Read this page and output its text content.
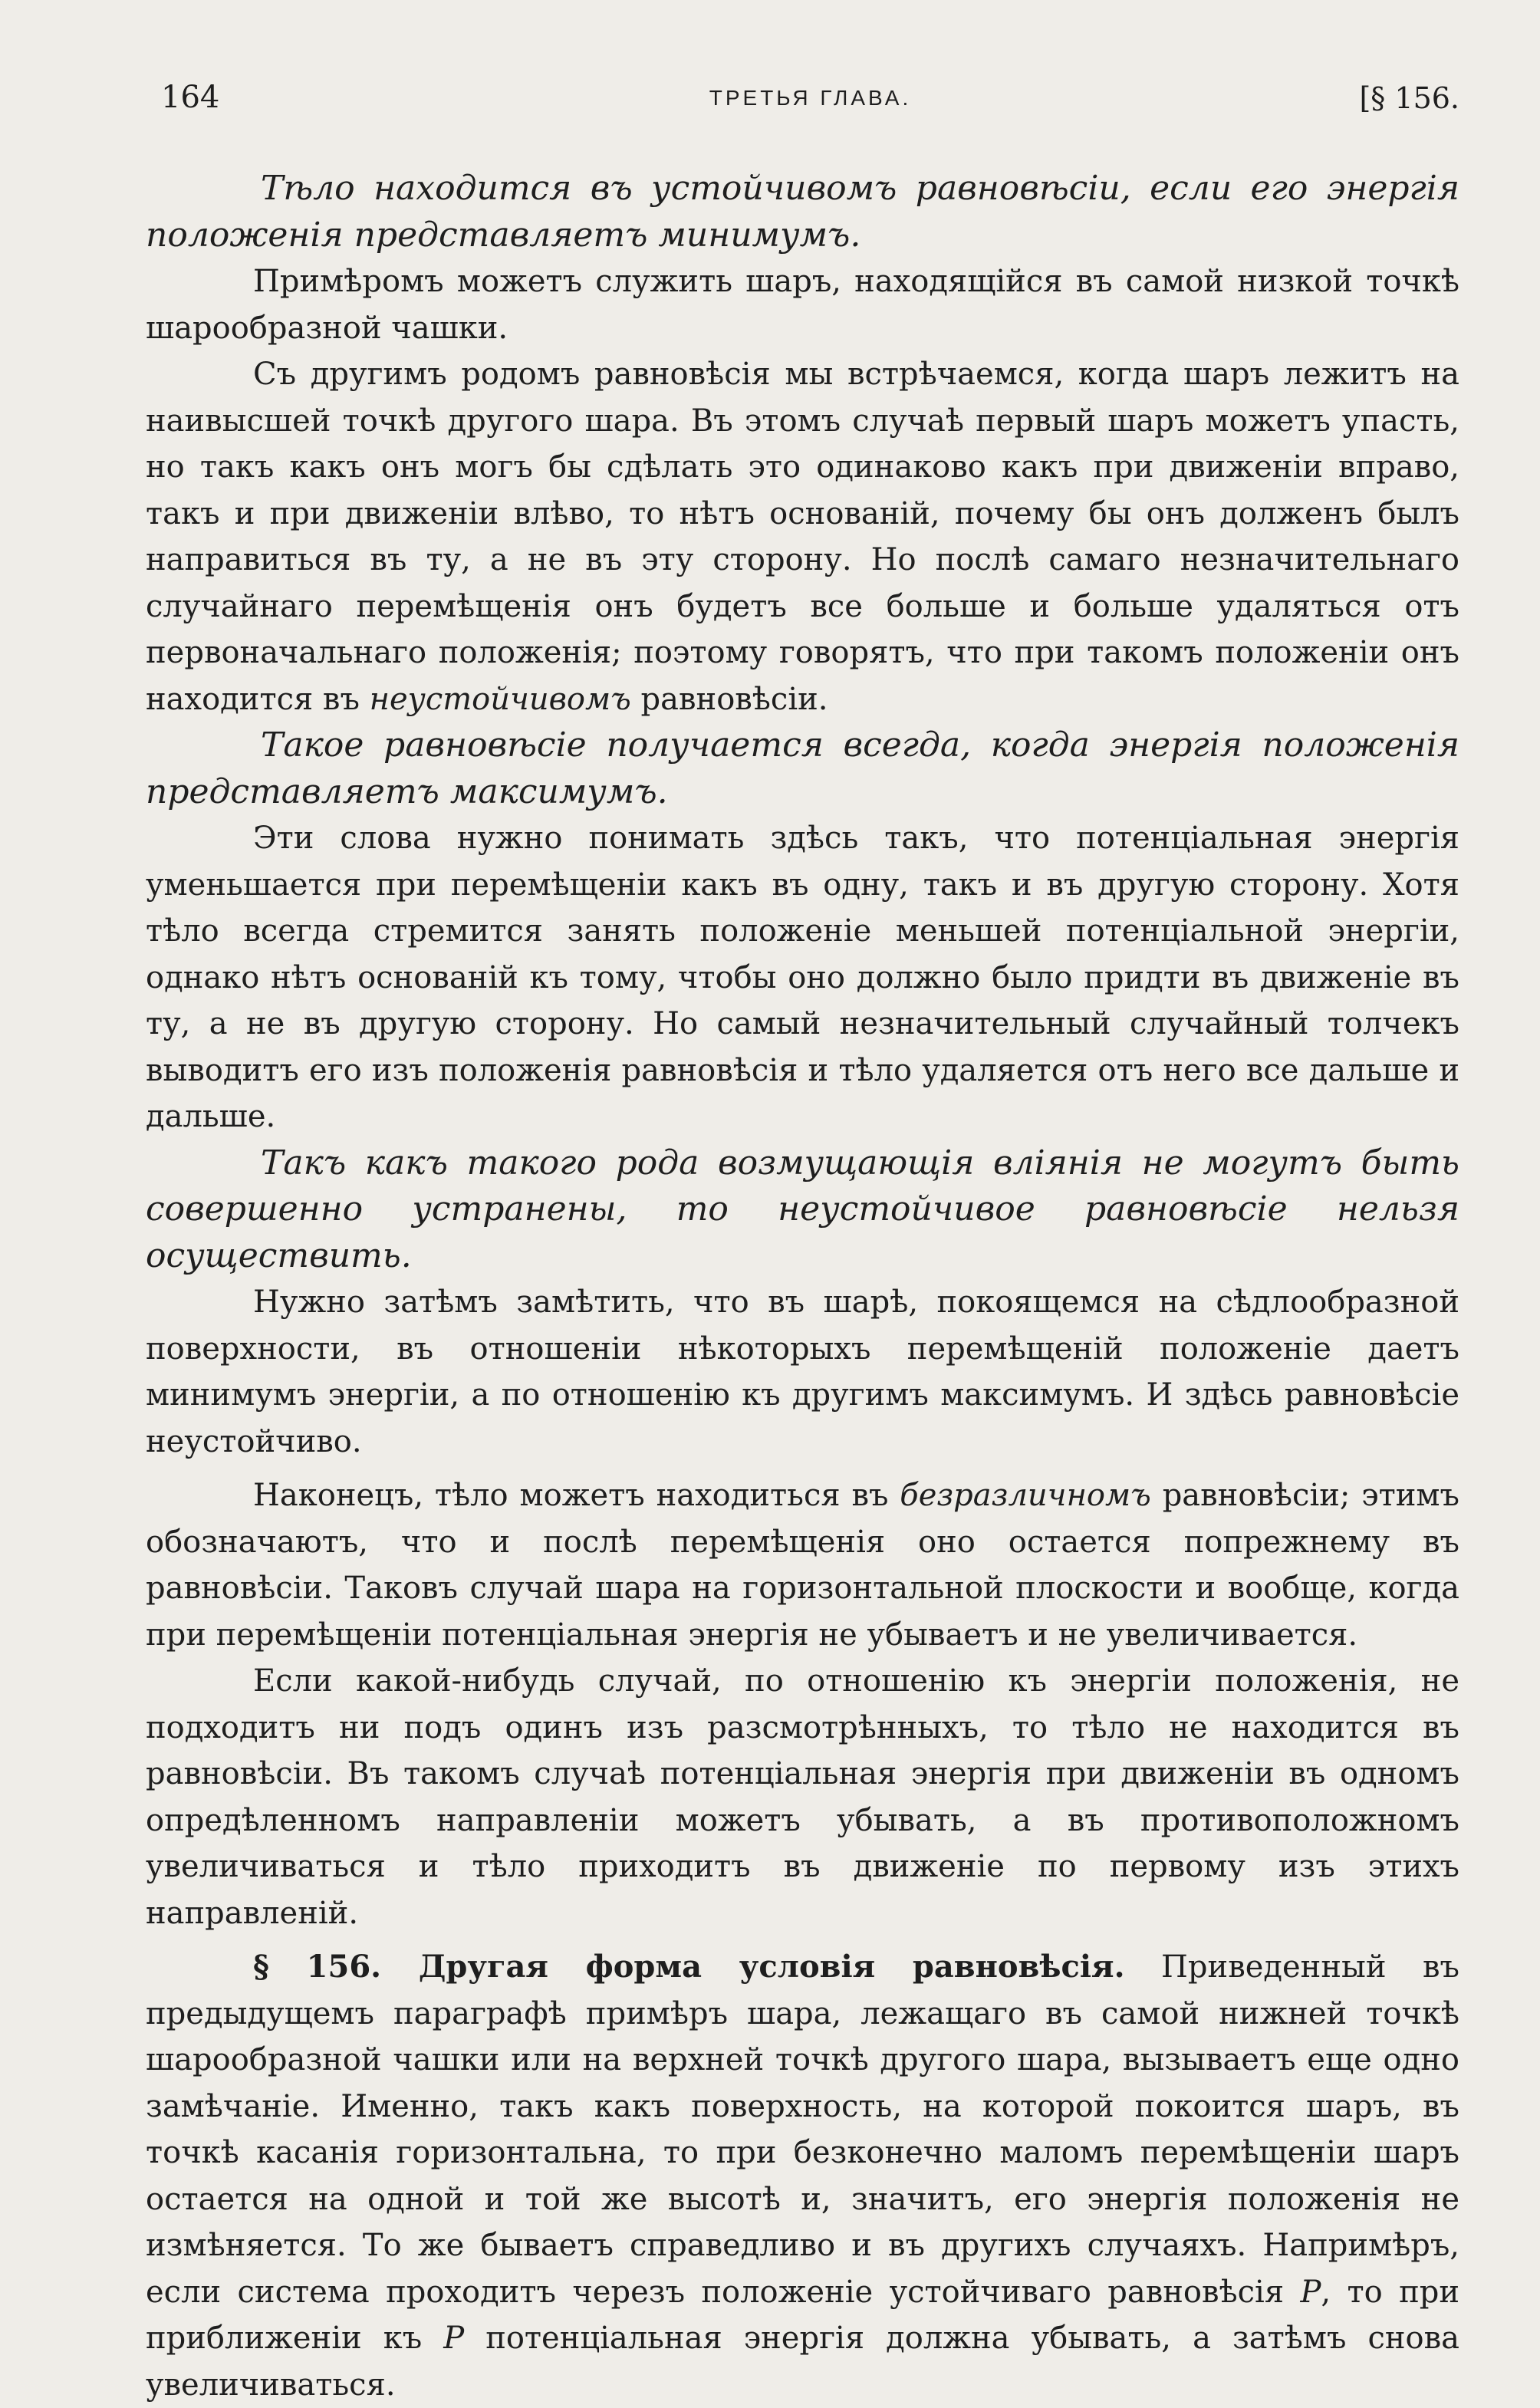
164	ТРЕТЬЯ ГЛАВА.	[§ 156.

Тѣло находится въ устойчивомъ равновѣсіи, если его энергія положенія представляетъ минимумъ.

Примѣромъ можетъ служить шаръ, находящійся въ самой низкой точкѣ шарообразной чашки.

Съ другимъ родомъ равновѣсія мы встрѣчаемся, когда шаръ лежитъ на наивысшей точкѣ другого шара. Въ этомъ случаѣ первый шаръ можетъ упасть, но такъ какъ онъ могъ бы сдѣлать это одинаково какъ при движеніи вправо, такъ и при движеніи влѣво, то нѣтъ основаній, почему бы онъ долженъ былъ направиться въ ту, а не въ эту сторону. Но послѣ самаго незначительнаго случайнаго перемѣщенія онъ будетъ все больше и больше удаляться отъ первоначальнаго положенія; поэтому говорятъ, что при такомъ положеніи онъ находится въ неустойчивомъ равновѣсіи.

Такое равновѣсіе получается всегда, когда энергія положенія представляетъ максимумъ.

Эти слова нужно понимать здѣсь такъ, что потенціальная энергія уменьшается при перемѣщеніи какъ въ одну, такъ и въ другую сторону. Хотя тѣло всегда стремится занять положеніе меньшей потенціальной энергіи, однако нѣтъ основаній къ тому, чтобы оно должно было придти въ движеніе въ ту, а не въ другую сторону. Но самый незначительный случайный толчекъ выводитъ его изъ положенія равновѣсія и тѣло удаляется отъ него все дальше и дальше.

Такъ какъ такого рода возмущающія вліянія не могутъ быть совершенно устранены, то неустойчивое равновѣсіе нельзя осуществить.

Нужно затѣмъ замѣтить, что въ шарѣ, покоящемся на сѣдлообразной поверхности, въ отношеніи нѣкоторыхъ перемѣщеній положеніе даетъ минимумъ энергіи, а по отношенію къ другимъ максимумъ. И здѣсь равновѣсіе неустойчиво.

Наконецъ, тѣло можетъ находиться въ безразличномъ равновѣсіи; этимъ обозначаютъ, что и послѣ перемѣщенія оно остается попрежнему въ равновѣсіи. Таковъ случай шара на горизонтальной плоскости и вообще, когда при перемѣщеніи потенціальная энергія не убываетъ и не увеличивается.

Если какой-нибудь случай, по отношенію къ энергіи положенія, не подходитъ ни подъ одинъ изъ разсмотрѣнныхъ, то тѣло не находится въ равновѣсіи. Въ такомъ случаѣ потенціальная энергія при движеніи въ одномъ опредѣленномъ направленіи можетъ убывать, а въ противоположномъ увеличиваться и тѣло приходитъ въ движеніе по первому изъ этихъ направленій.

§ 156. Другая форма условія равновѣсія. Приведенный въ предыдущемъ параграфѣ примѣръ шара, лежащаго въ самой нижней точкѣ шарообразной чашки или на верхней точкѣ другого шара, вызываетъ еще одно замѣчаніе. Именно, такъ какъ поверхность, на которой покоится шаръ, въ точкѣ касанія горизонтальна, то при безконечно маломъ перемѣщеніи шаръ остается на одной и той же высотѣ и, значитъ, его энергія положенія не измѣняется. То же бываетъ справедливо и въ другихъ случаяхъ. Напримѣръ, если система проходитъ черезъ положеніе устойчиваго равновѣсія P, то при приближеніи къ P потенціальная энергія должна убывать, а затѣмъ снова увеличиваться.
